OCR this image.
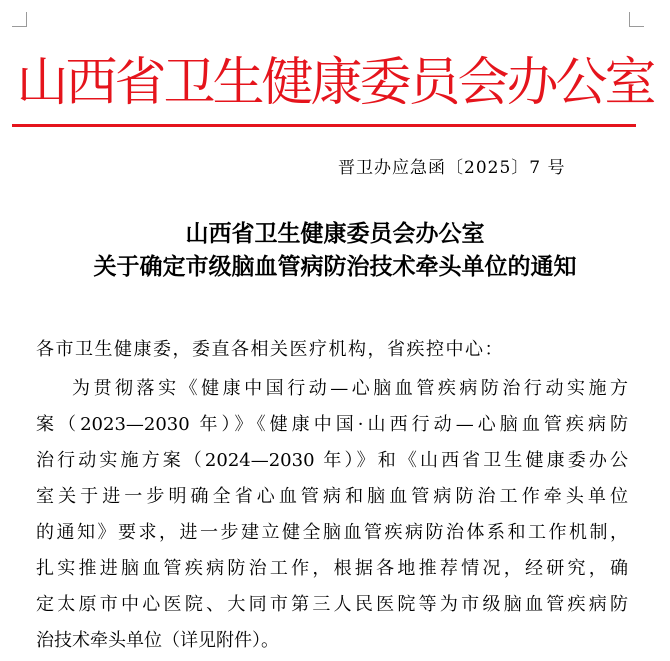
山西省卫生健康委员会办公室
晋卫办应急函〔2025〕7 号
山西省卫生健康委员会办公室
关于确定市级脑血管病防治技术牵头单位的通知
各市卫生健康委，委直各相关医疗机构，省疾控中心：
为贯彻落实《健康中国行动—心脑血管疾病防治行动实施方
案（2023—2030 年）》《健康中国·山西行动—心脑血管疾病防
治行动实施方案（2024—2030 年）》和《山西省卫生健康委办公
室关于进一步明确全省心血管病和脑血管病防治工作牵头单位
的通知》要求，进一步建立健全脑血管疾病防治体系和工作机制，
扎实推进脑血管疾病防治工作，根据各地推荐情况，经研究，确
定太原市中心医院、大同市第三人民医院等为市级脑血管疾病防
治技术牵头单位（详见附件）。
